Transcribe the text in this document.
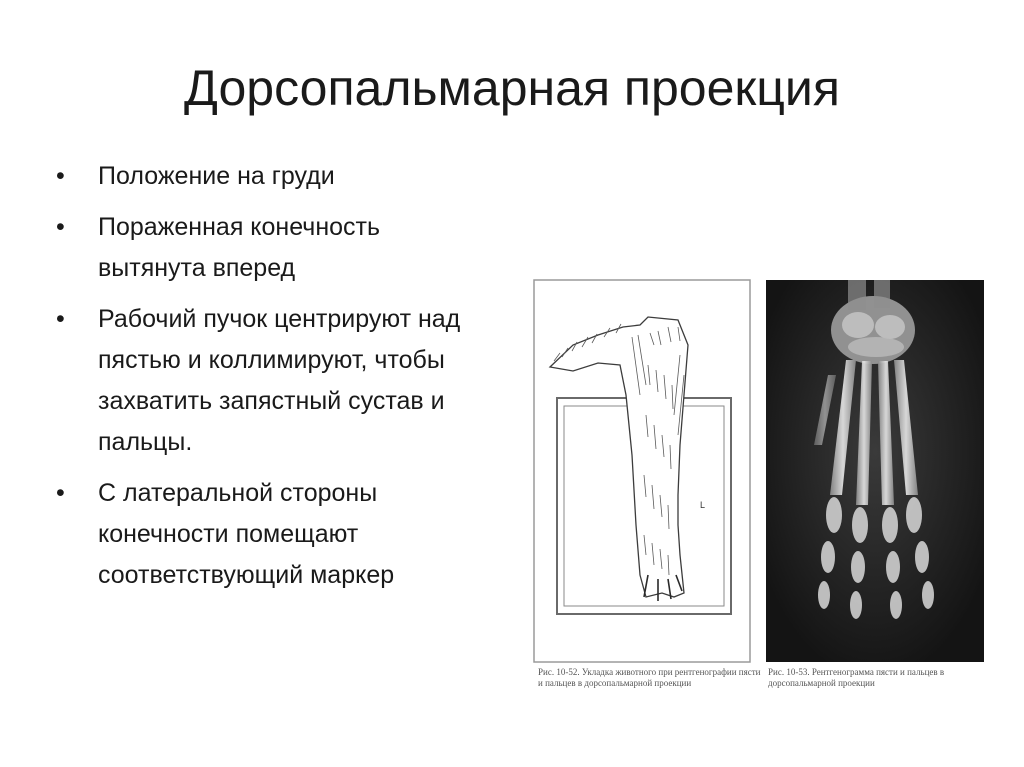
Дорсопальмарная проекция
• Положение на груди
• Пораженная конечность вытянута вперед
• Рабочий пучок центрируют над пястью и коллимируют, чтобы захватить запястный сустав и пальцы.
• С латеральной стороны конечности помещают соответствующий маркер
L
Рис. 10-52. Укладка животного при рентгенографии пясти и пальцев в дорсопальмарной проекции
Рис. 10-53. Рентгенограмма пясти и пальцев в дорсопальмарной проекции
